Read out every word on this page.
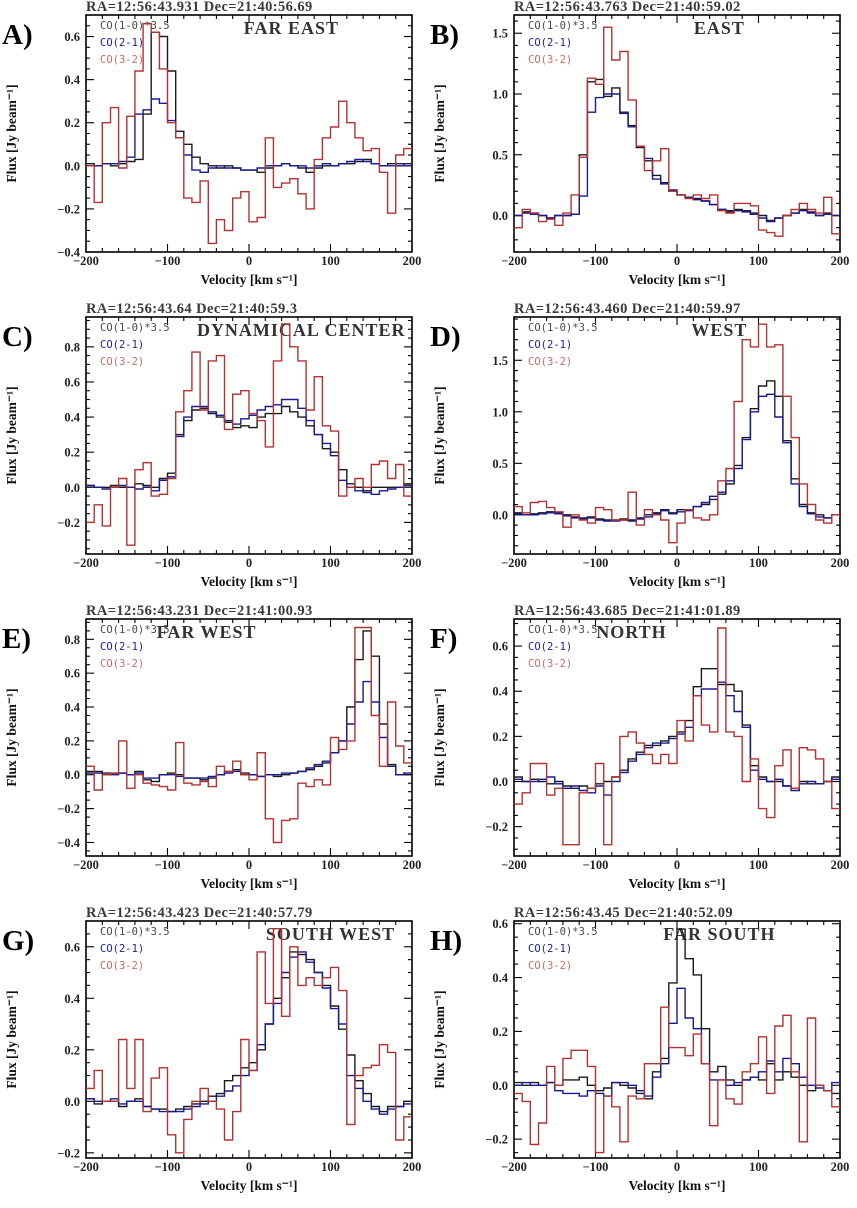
RA=12:56:43.931 Dec=21:40:56.69
A)
−200	−100	0	100	200
−0.4
−0.2
0.0
0.2
0.4
0.6	FAR EAST
CO(1-0)*3.5
CO(2-1)
CO(3-2)
Velocity [km s⁻¹]
Flux [Jy beam⁻¹]
RA=12:56:43.763 Dec=21:40:59.02
B)
−200	−100	0	100	200
0.0
0.5
1.0
1.5	EAST
CO(1-0)*3.5
CO(2-1)
CO(3-2)
Velocity [km s⁻¹]
Flux [Jy beam⁻¹]
RA=12:56:43.64 Dec=21:40:59.3
C)
−200	−100	0	100	200
−0.2
0.0
0.2
0.4
0.6
0.8
DYNAMICAL CENTER
CO(1-0)*3.5
CO(2-1)
CO(3-2)
Velocity [km s⁻¹]
Flux [Jy beam⁻¹]
RA=12:56:43.460 Dec=21:40:59.97
D)
−200	−100	0	100	200
0.0
0.5
1.0
1.5
WEST
CO(1-0)*3.5
CO(2-1)
CO(3-2)
Velocity [km s⁻¹]
Flux [Jy beam⁻¹]
RA=12:56:43.231 Dec=21:41:00.93
E)
−200	−100	0	100	200
−0.4
−0.2
0.0
0.2
0.4
0.6
0.8	FAR WEST
CO(1-0)*3.5
CO(2-1)
CO(3-2)
Velocity [km s⁻¹]
Flux [Jy beam⁻¹]
RA=12:56:43.685 Dec=21:41:01.89
F)
−200	−100	0	100	200
−0.2
0.0
0.2
0.4
0.6
NORTH
CO(1-0)*3.5
CO(2-1)
CO(3-2)
Velocity [km s⁻¹]
Flux [Jy beam⁻¹]
RA=12:56:43.423 Dec=21:40:57.79
G)
−200	−100	0	100	200
−0.2
0.0
0.2
0.4
0.6
SOUTH WEST
CO(1-0)*3.5
CO(2-1)
CO(3-2)
Velocity [km s⁻¹]
Flux [Jy beam⁻¹]
RA=12:56:43.45 Dec=21:40:52.09
H)
−200	−100	0	100	200
−0.2
0.0
0.2
0.4
0.6	FAR SOUTH
CO(1-0)*3.5
CO(2-1)
CO(3-2)
Velocity [km s⁻¹]
Flux [Jy beam⁻¹]
